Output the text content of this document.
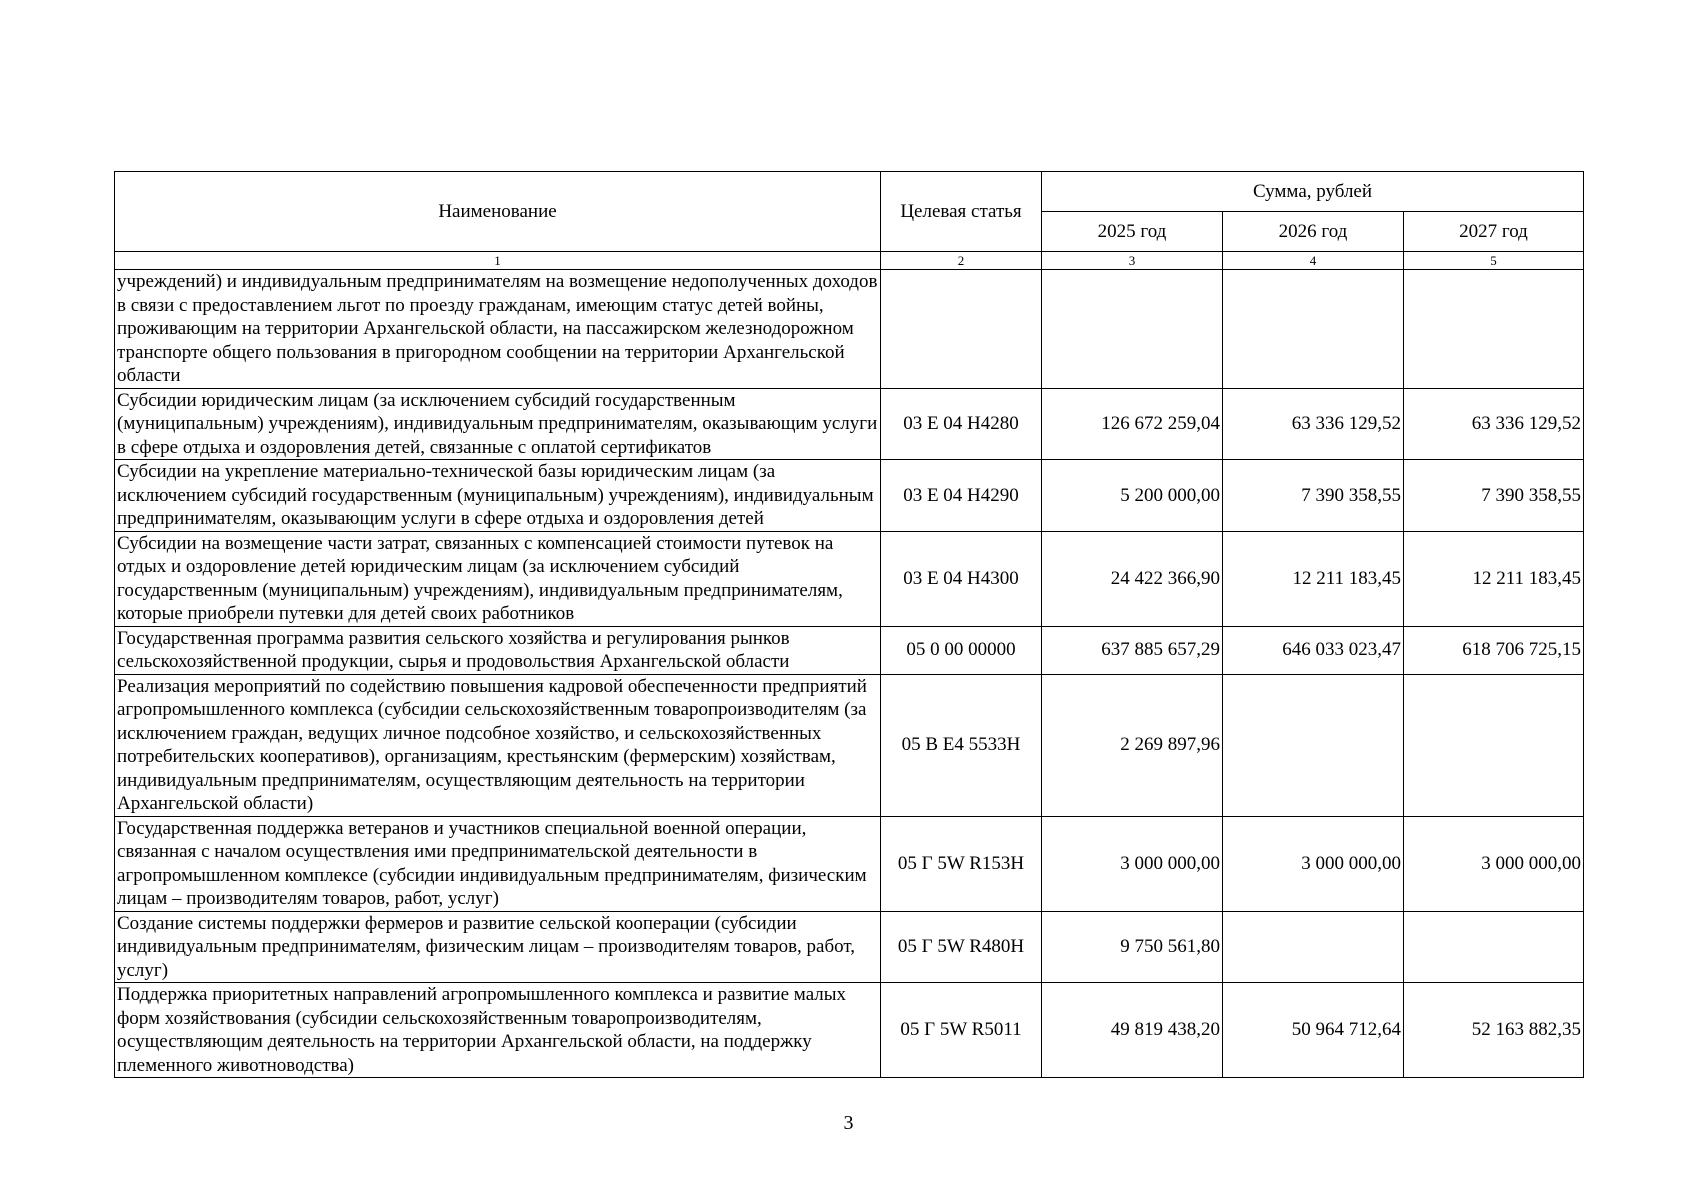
Наименование	Целевая статья	Сумма, рублей		
		2025 год	2026 год	2027 год
1	2	3	4	5
учреждений) и индивидуальным предпринимателям на возмещение недополученных доходов в связи с предоставлением льгот по проезду гражданам, имеющим статус детей войны, проживающим на территории Архангельской области, на пассажирском железнодорожном транспорте общего пользования в пригородном сообщении на территории Архангельской области				
Субсидии юридическим лицам (за исключением субсидий государственным (муниципальным) учреждениям), индивидуальным предпринимателям, оказывающим услуги в сфере отдыха и оздоровления детей, связанные с оплатой сертификатов	03 Е 04 Н4280	126 672 259,04	63 336 129,52	63 336 129,52
Субсидии на укрепление материально-технической базы юридическим лицам (за исключением субсидий государственным (муниципальным) учреждениям), индивидуальным предпринимателям, оказывающим услуги в сфере отдыха и оздоровления детей	03 Е 04 Н4290	5 200 000,00	7 390 358,55	7 390 358,55
Субсидии на возмещение части затрат, связанных с компенсацией стоимости путевок на отдых и оздоровление детей юридическим лицам (за исключением субсидий государственным (муниципальным) учреждениям), индивидуальным предпринимателям, которые приобрели путевки для детей своих работников	03 Е 04 Н4300	24 422 366,90	12 211 183,45	12 211 183,45
Государственная программа развития сельского хозяйства и регулирования рынков сельскохозяйственной продукции, сырья и продовольствия Архангельской области	05 0 00 00000	637 885 657,29	646 033 023,47	618 706 725,15
Реализация мероприятий по содействию повышения кадровой обеспеченности предприятий агропромышленного комплекса (субсидии сельскохозяйственным товаропроизводителям (за исключением граждан, ведущих личное подсобное хозяйство, и сельскохозяйственных потребительских кооперативов), организациям, крестьянским (фермерским) хозяйствам, индивидуальным предпринимателям, осуществляющим деятельность на территории Архангельской области)	05 В Е4 5533Н	2 269 897,96		
Государственная поддержка ветеранов и участников специальной военной операции, связанная с началом осуществления ими предпринимательской деятельности в агропромышленном комплексе (субсидии индивидуальным предпринимателям, физическим лицам – производителям товаров, работ, услуг)	05 Г 5W R153Н	3 000 000,00	3 000 000,00	3 000 000,00
Создание системы поддержки фермеров и развитие сельской кооперации (субсидии индивидуальным предпринимателям, физическим лицам – производителям товаров, работ, услуг)	05 Г 5W R480Н	9 750 561,80		
Поддержка приоритетных направлений агропромышленного комплекса и развитие малых форм хозяйствования (субсидии сельскохозяйственным товаропроизводителям, осуществляющим деятельность на территории Архангельской области, на поддержку племенного животноводства)	05 Г 5W R5011	49 819 438,20	50 964 712,64	52 163 882,35
3
